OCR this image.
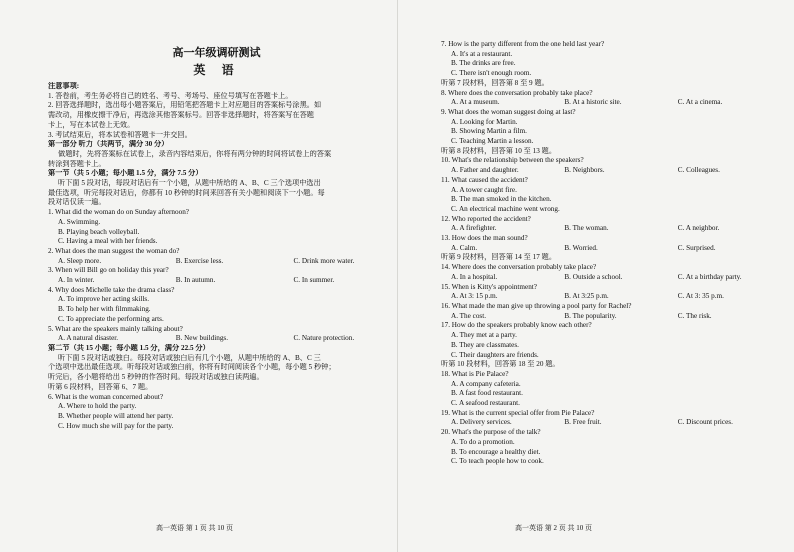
高一年级调研测试
英 语
注意事项:
1. 答卷前，考生务必将自己的姓名、考号、考场号、座位号填写在答题卡上。
2. 回答选择题时，选出每小题答案后，用铅笔把答题卡上对应题目的答案标号涂黑。如
需改动，用橡皮擦干净后，再选涂其他答案标号。回答非选择题时，将答案写在答题
卡上，写在本试卷上无效。
3. 考试结束后，将本试卷和答题卡一并交回。
第一部分 听力（共两节，满分 30 分）
做题时，先将答案标在试卷上，录音内容结束后，你将有两分钟的时间将试卷上的答案
转涂到答题卡上。
第一节（共 5 小题；每小题 1.5 分，满分 7.5 分）
听下面 5 段对话，每段对话后有一个小题，从题中所给的 A、B、C 三个选项中选出
最佳选项，听完每段对话后，你都有 10 秒钟的时间来回答有关小题和阅读下一小题。每
段对话仅读一遍。
1. What did the woman do on Sunday afternoon?
A. Swimming.
B. Playing beach volleyball.
C. Having a meal with her friends.
2. What does the man suggest the woman do?
A. Sleep more.	B. Exercise less.	C. Drink more water.
3. When will Bill go on holiday this year?
A. In winter.	B. In autumn.	C. In summer.
4. Why does Michelle take the drama class?
A. To improve her acting skills.
B. To help her with filmmaking.
C. To appreciate the performing arts.
5. What are the speakers mainly talking about?
A. A natural disaster.	B. New buildings.	C. Nature protection.
第二节（共 15 小题；每小题 1.5 分，满分 22.5 分）
听下面 5 段对话或独白。每段对话或独白后有几个小题，从题中所给的 A、B、C 三
个选项中选出最佳选项。听每段对话或独白前，你将有时间阅读各个小题，每小题 5 秒钟；
听完后，各小题将给出 5 秒钟的作答时间。每段对话或独白读两遍。
听第 6 段材料，回答第 6、7 题。
6. What is the woman concerned about?
A. Where to hold the party.
B. Whether people will attend her party.
C. How much she will pay for the party.
高一英语 第 1 页 共 10 页
7. How is the party different from the one held last year?
A. It's at a restaurant.
B. The drinks are free.
C. There isn't enough room.
听第 7 段材料，回答第 8 至 9 题。
8. Where does the conversation probably take place?
A. At a museum.	B. At a historic site.	C. At a cinema.
9. What does the woman suggest doing at last?
A. Looking for Martin.
B. Showing Martin a film.
C. Teaching Martin a lesson.
听第 8 段材料，回答第 10 至 13 题。
10. What's the relationship between the speakers?
A. Father and daughter.	B. Neighbors.	C. Colleagues.
11. What caused the accident?
A. A tower caught fire.
B. The man smoked in the kitchen.
C. An electrical machine went wrong.
12. Who reported the accident?
A. A firefighter.	B. The woman.	C. A neighbor.
13. How does the man sound?
A. Calm.	B. Worried.	C. Surprised.
听第 9 段材料，回答第 14 至 17 题。
14. Where does the conversation probably take place?
A. In a hospital.	B. Outside a school.	C. At a birthday party.
15. When is Kitty's appointment?
A. At 3: 15 p.m.	B. At 3:25 p.m.	C. At 3: 35 p.m.
16. What made the man give up throwing a pool party for Rachel?
A. The cost.	B. The popularity.	C. The risk.
17. How do the speakers probably know each other?
A. They met at a party.
B. They are classmates.
C. Their daughters are friends.
听第 10 段材料，回答第 18 至 20 题。
18. What is Pie Palace?
A. A company cafeteria.
B. A fast food restaurant.
C. A seafood restaurant.
19. What is the current special offer from Pie Palace?
A. Delivery services.	B. Free fruit.	C. Discount prices.
20. What's the purpose of the talk?
A. To do a promotion.
B. To encourage a healthy diet.
C. To teach people how to cook.
高一英语 第 2 页 共 10 页
